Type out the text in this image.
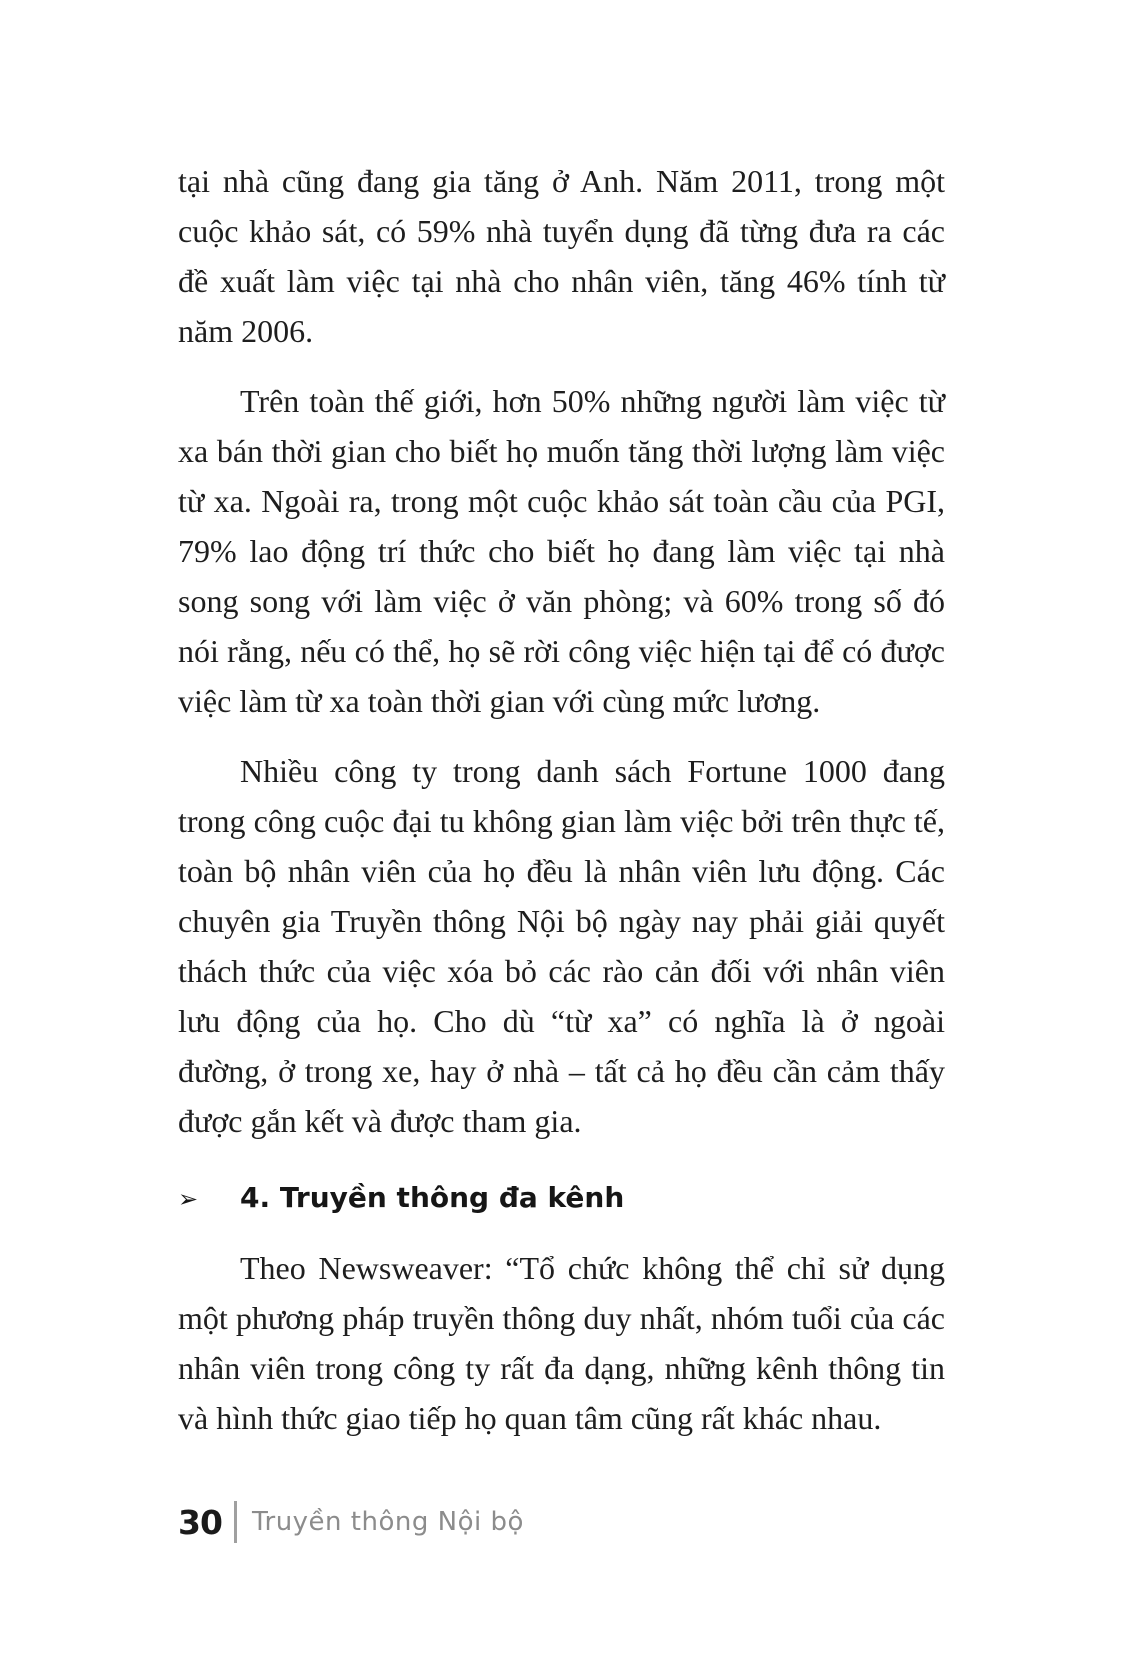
tại nhà cũng đang gia tăng ở Anh. Năm 2011, trong một cuộc khảo sát, có 59% nhà tuyển dụng đã từng đưa ra các đề xuất làm việc tại nhà cho nhân viên, tăng 46% tính từ năm 2006.

Trên toàn thế giới, hơn 50% những người làm việc từ xa bán thời gian cho biết họ muốn tăng thời lượng làm việc từ xa. Ngoài ra, trong một cuộc khảo sát toàn cầu của PGI, 79% lao động trí thức cho biết họ đang làm việc tại nhà song song với làm việc ở văn phòng; và 60% trong số đó nói rằng, nếu có thể, họ sẽ rời công việc hiện tại để có được việc làm từ xa toàn thời gian với cùng mức lương.

Nhiều công ty trong danh sách Fortune 1000 đang trong công cuộc đại tu không gian làm việc bởi trên thực tế, toàn bộ nhân viên của họ đều là nhân viên lưu động. Các chuyên gia Truyền thông Nội bộ ngày nay phải giải quyết thách thức của việc xóa bỏ các rào cản đối với nhân viên lưu động của họ. Cho dù “từ xa” có nghĩa là ở ngoài đường, ở trong xe, hay ở nhà – tất cả họ đều cần cảm thấy được gắn kết và được tham gia.

➢	4. Truyền thông đa kênh

Theo Newsweaver: “Tổ chức không thể chỉ sử dụng một phương pháp truyền thông duy nhất, nhóm tuổi của các nhân viên trong công ty rất đa dạng, những kênh thông tin và hình thức giao tiếp họ quan tâm cũng rất khác nhau.

30 Truyền thông Nội bộ
